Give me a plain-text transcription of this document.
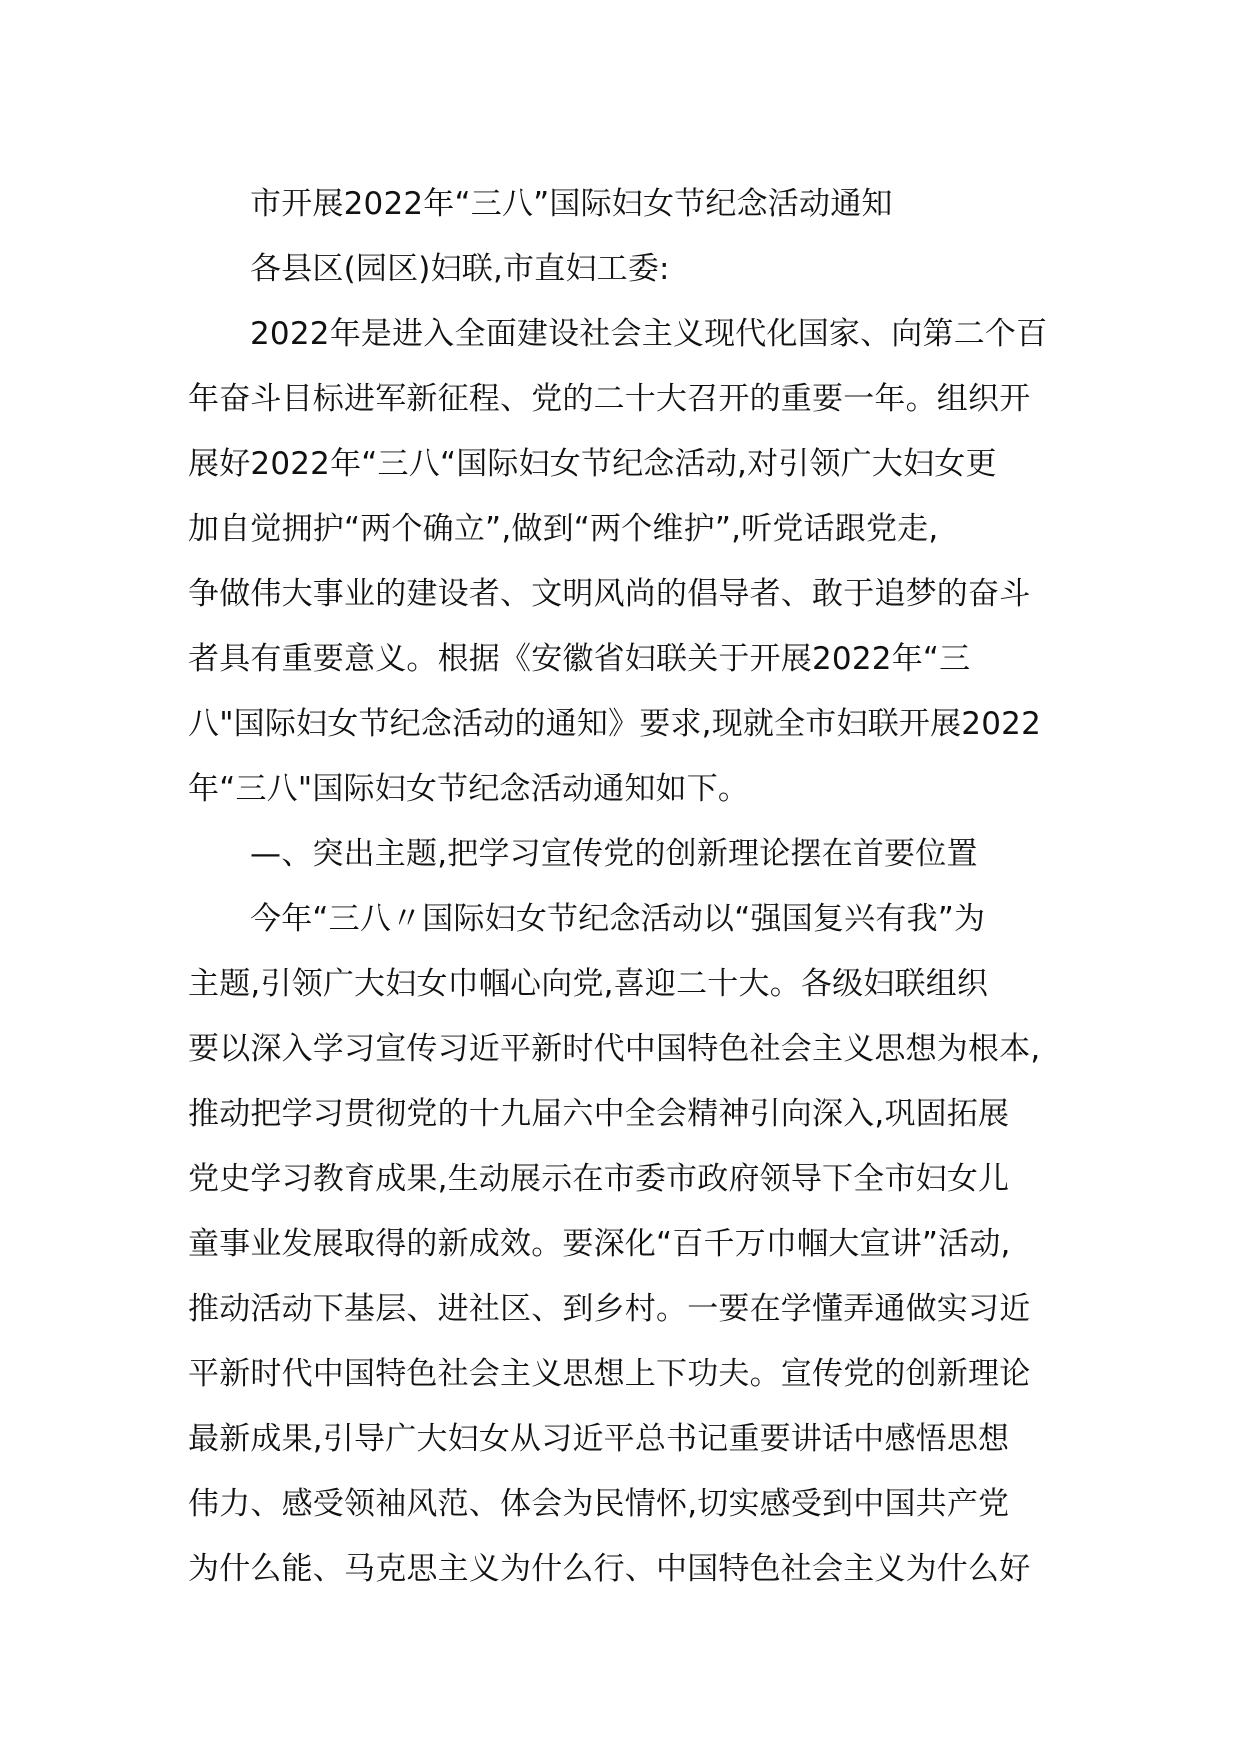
市开展2022年“三八”国际妇女节纪念活动通知
各县区(园区)妇联,市直妇工委:
2022年是进入全面建设社会主义现代化国家、向第二个百
年奋斗目标进军新征程、党的二十大召开的重要一年。组织开
展好2022年“三八“国际妇女节纪念活动,对引领广大妇女更
加自觉拥护“两个确立”,做到“两个维护”,听党话跟党走,
争做伟大事业的建设者、文明风尚的倡导者、敢于追梦的奋斗
者具有重要意义。根据《安徽省妇联关于开展2022年“三
八"国际妇女节纪念活动的通知》要求,现就全市妇联开展2022
年“三八"国际妇女节纪念活动通知如下。
—、突出主题,把学习宣传党的创新理论摆在首要位置
今年“三八〃国际妇女节纪念活动以“强国复兴有我”为
主题,引领广大妇女巾帼心向党,喜迎二十大。各级妇联组织
要以深入学习宣传习近平新时代中国特色社会主义思想为根本,
推动把学习贯彻党的十九届六中全会精神引向深入,巩固拓展
党史学习教育成果,生动展示在市委市政府领导下全市妇女儿
童事业发展取得的新成效。要深化“百千万巾帼大宣讲”活动,
推动活动下基层、进社区、到乡村。一要在学懂弄通做实习近
平新时代中国特色社会主义思想上下功夫。宣传党的创新理论
最新成果,引导广大妇女从习近平总书记重要讲话中感悟思想
伟力、感受领袖风范、体会为民情怀,切实感受到中国共产党
为什么能、马克思主义为什么行、中国特色社会主义为什么好
